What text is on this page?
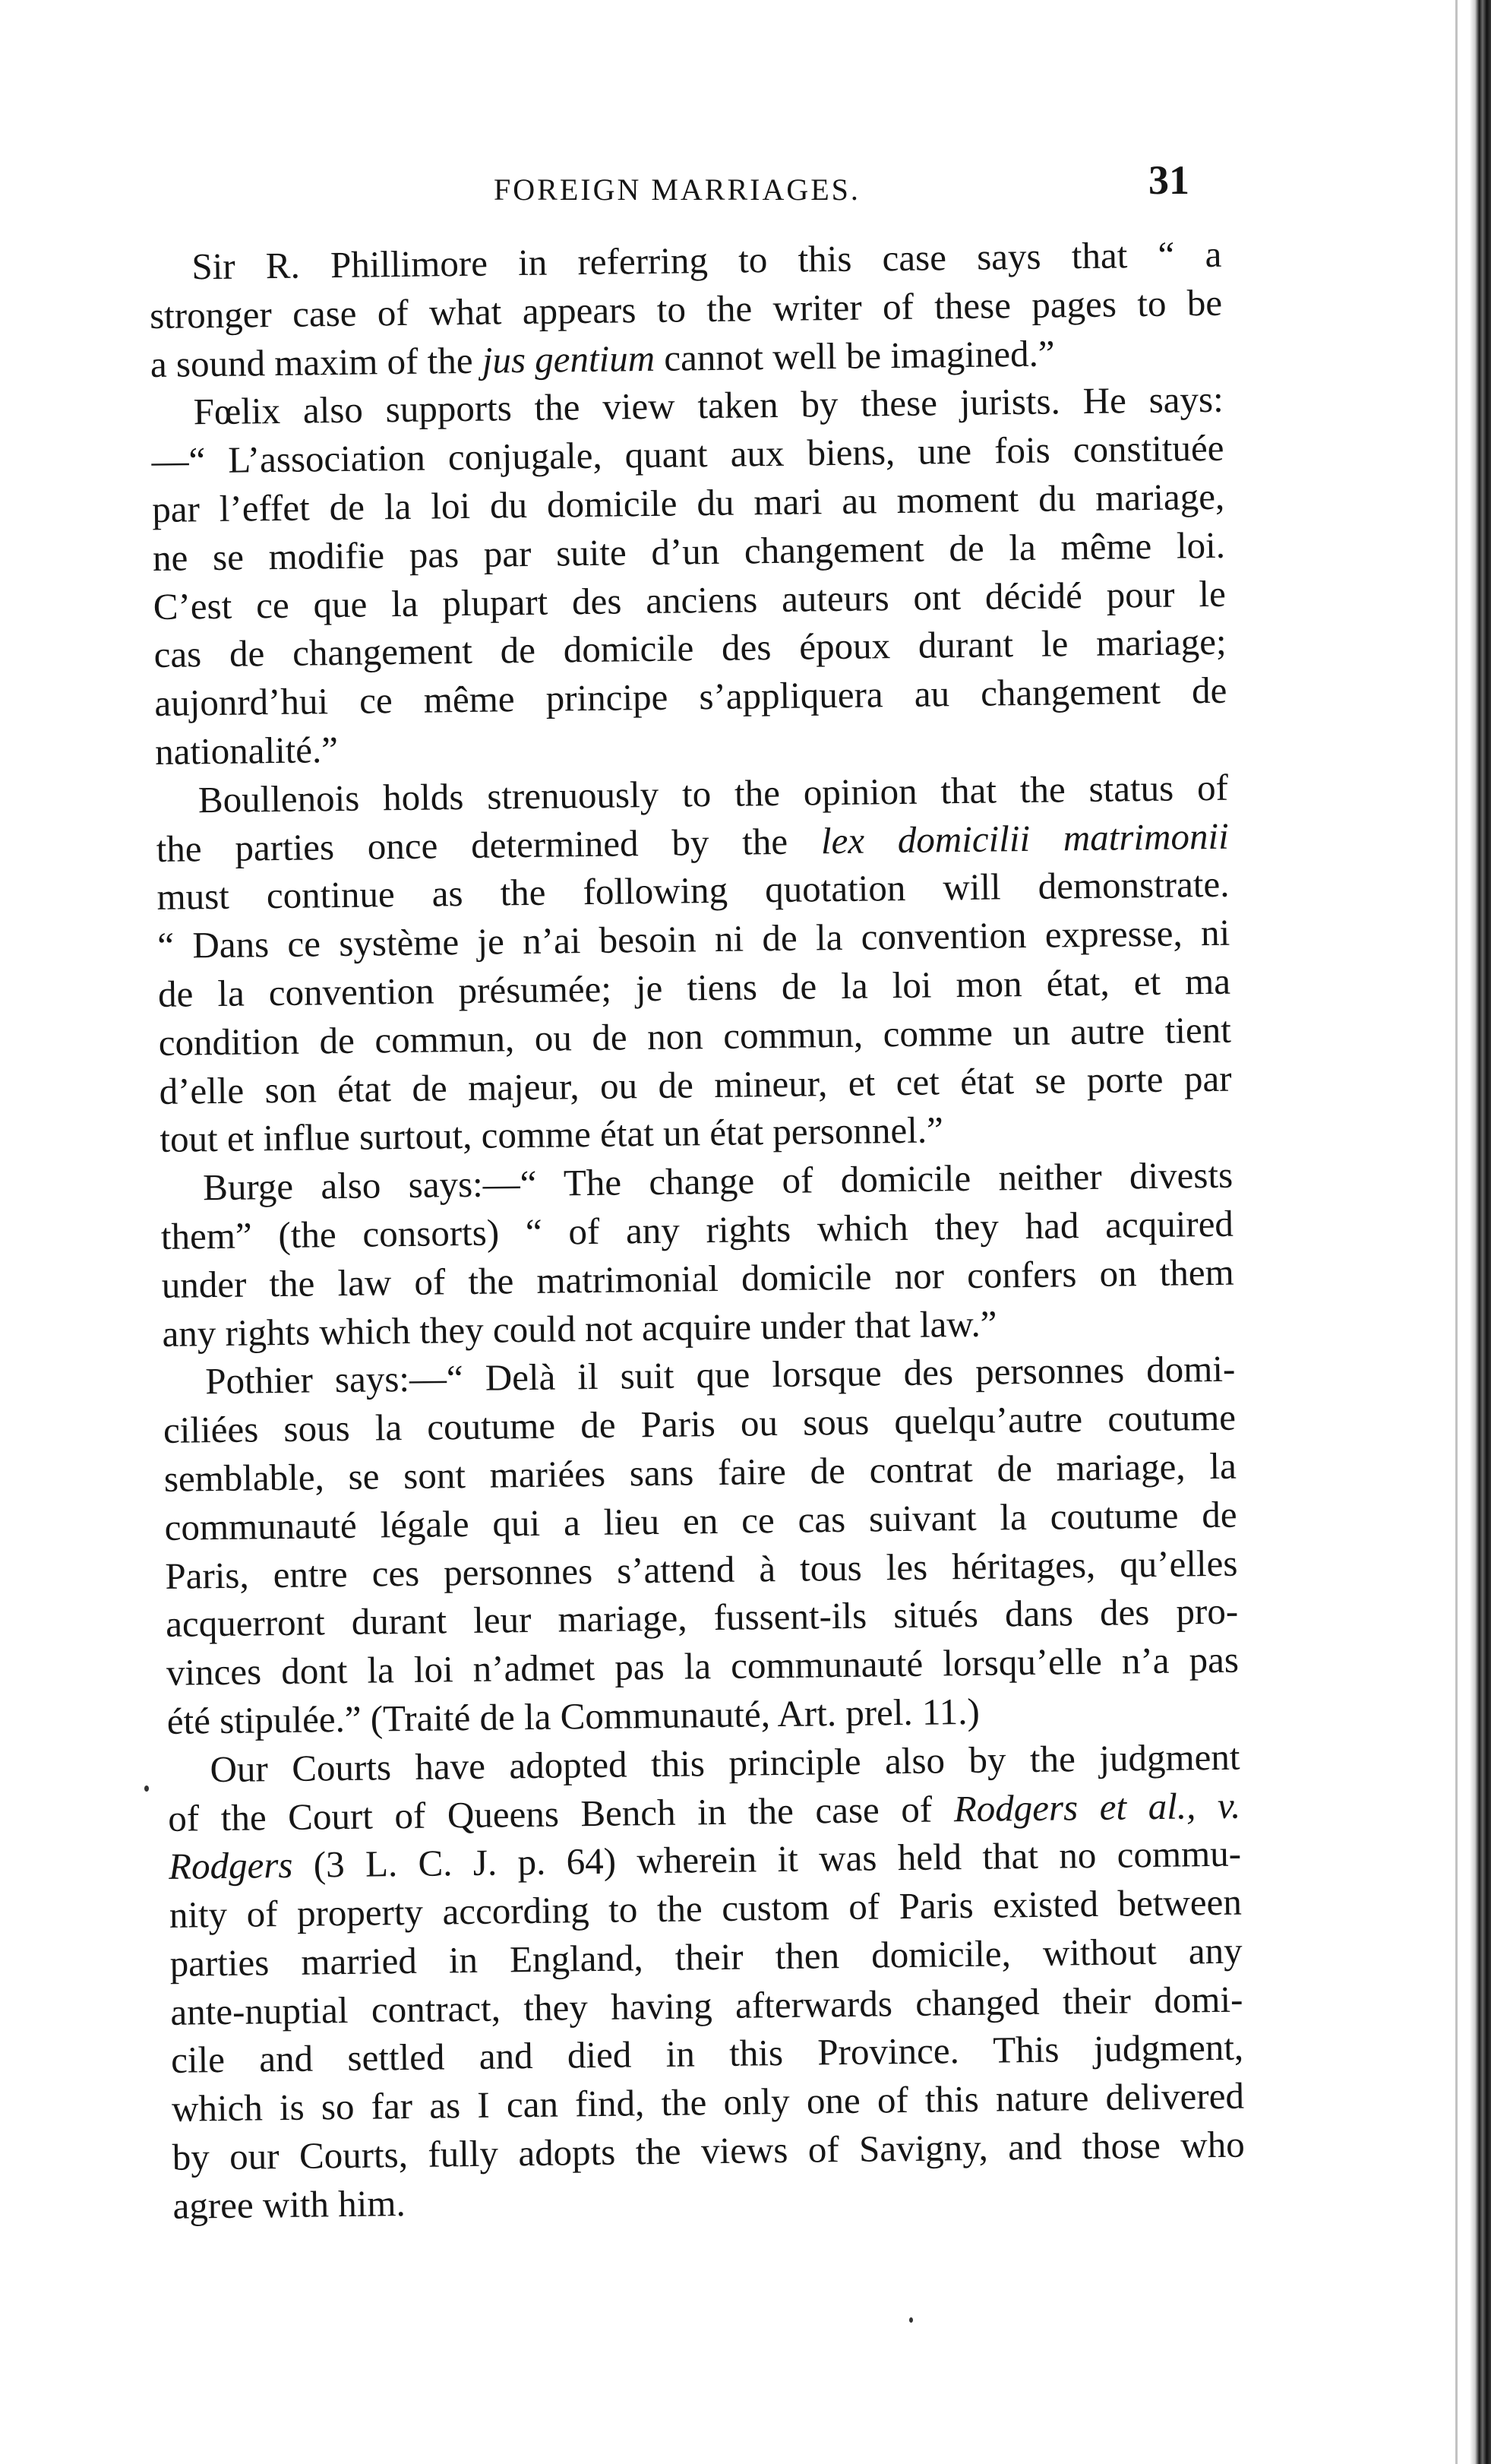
FOREIGN MARRIAGES.	31
Sir R. Phillimore in referring to this case says that “ a
stronger case of what appears to the writer of these pages to be
a sound maxim of the jus gentium cannot well be imagined.”
Fœlix also supports the view taken by these jurists. He says:
—“ L’association conjugale, quant aux biens, une fois constituée
par l’effet de la loi du domicile du mari au moment du mariage,
ne se modifie pas par suite d’un changement de la même loi.
C’est ce que la plupart des anciens auteurs ont décidé pour le
cas de changement de domicile des époux durant le mariage;
aujonrd’hui ce même principe s’appliquera au changement de
nationalité.”
Boullenois holds strenuously to the opinion that the status of
the parties once determined by the lex domicilii matrimonii
must continue as the following quotation will demonstrate.
“ Dans ce système je n’ai besoin ni de la convention expresse, ni
de la convention présumée; je tiens de la loi mon état, et ma
condition de commun, ou de non commun, comme un autre tient
d’elle son état de majeur, ou de mineur, et cet état se porte par
tout et influe surtout, comme état un état personnel.”
Burge also says:—“ The change of domicile neither divests
them” (the consorts) “ of any rights which they had acquired
under the law of the matrimonial domicile nor confers on them
any rights which they could not acquire under that law.”
Pothier says:—“ Delà il suit que lorsque des personnes domi-
ciliées sous la coutume de Paris ou sous quelqu’autre coutume
semblable, se sont mariées sans faire de contrat de mariage, la
communauté légale qui a lieu en ce cas suivant la coutume de
Paris, entre ces personnes s’attend à tous les héritages, qu’elles
acquerront durant leur mariage, fussent-ils situés dans des pro-
vinces dont la loi n’admet pas la communauté lorsqu’elle n’a pas
été stipulée.” (Traité de la Communauté, Art. prel. 11.)
Our Courts have adopted this principle also by the judgment
of the Court of Queens Bench in the case of Rodgers et al., v.
Rodgers (3 L. C. J. p. 64) wherein it was held that no commu-
nity of property according to the custom of Paris existed between
parties married in England, their then domicile, without any
ante-nuptial contract, they having afterwards changed their domi-
cile and settled and died in this Province. This judgment,
which is so far as I can find, the only one of this nature delivered
by our Courts, fully adopts the views of Savigny, and those who
agree with him.
